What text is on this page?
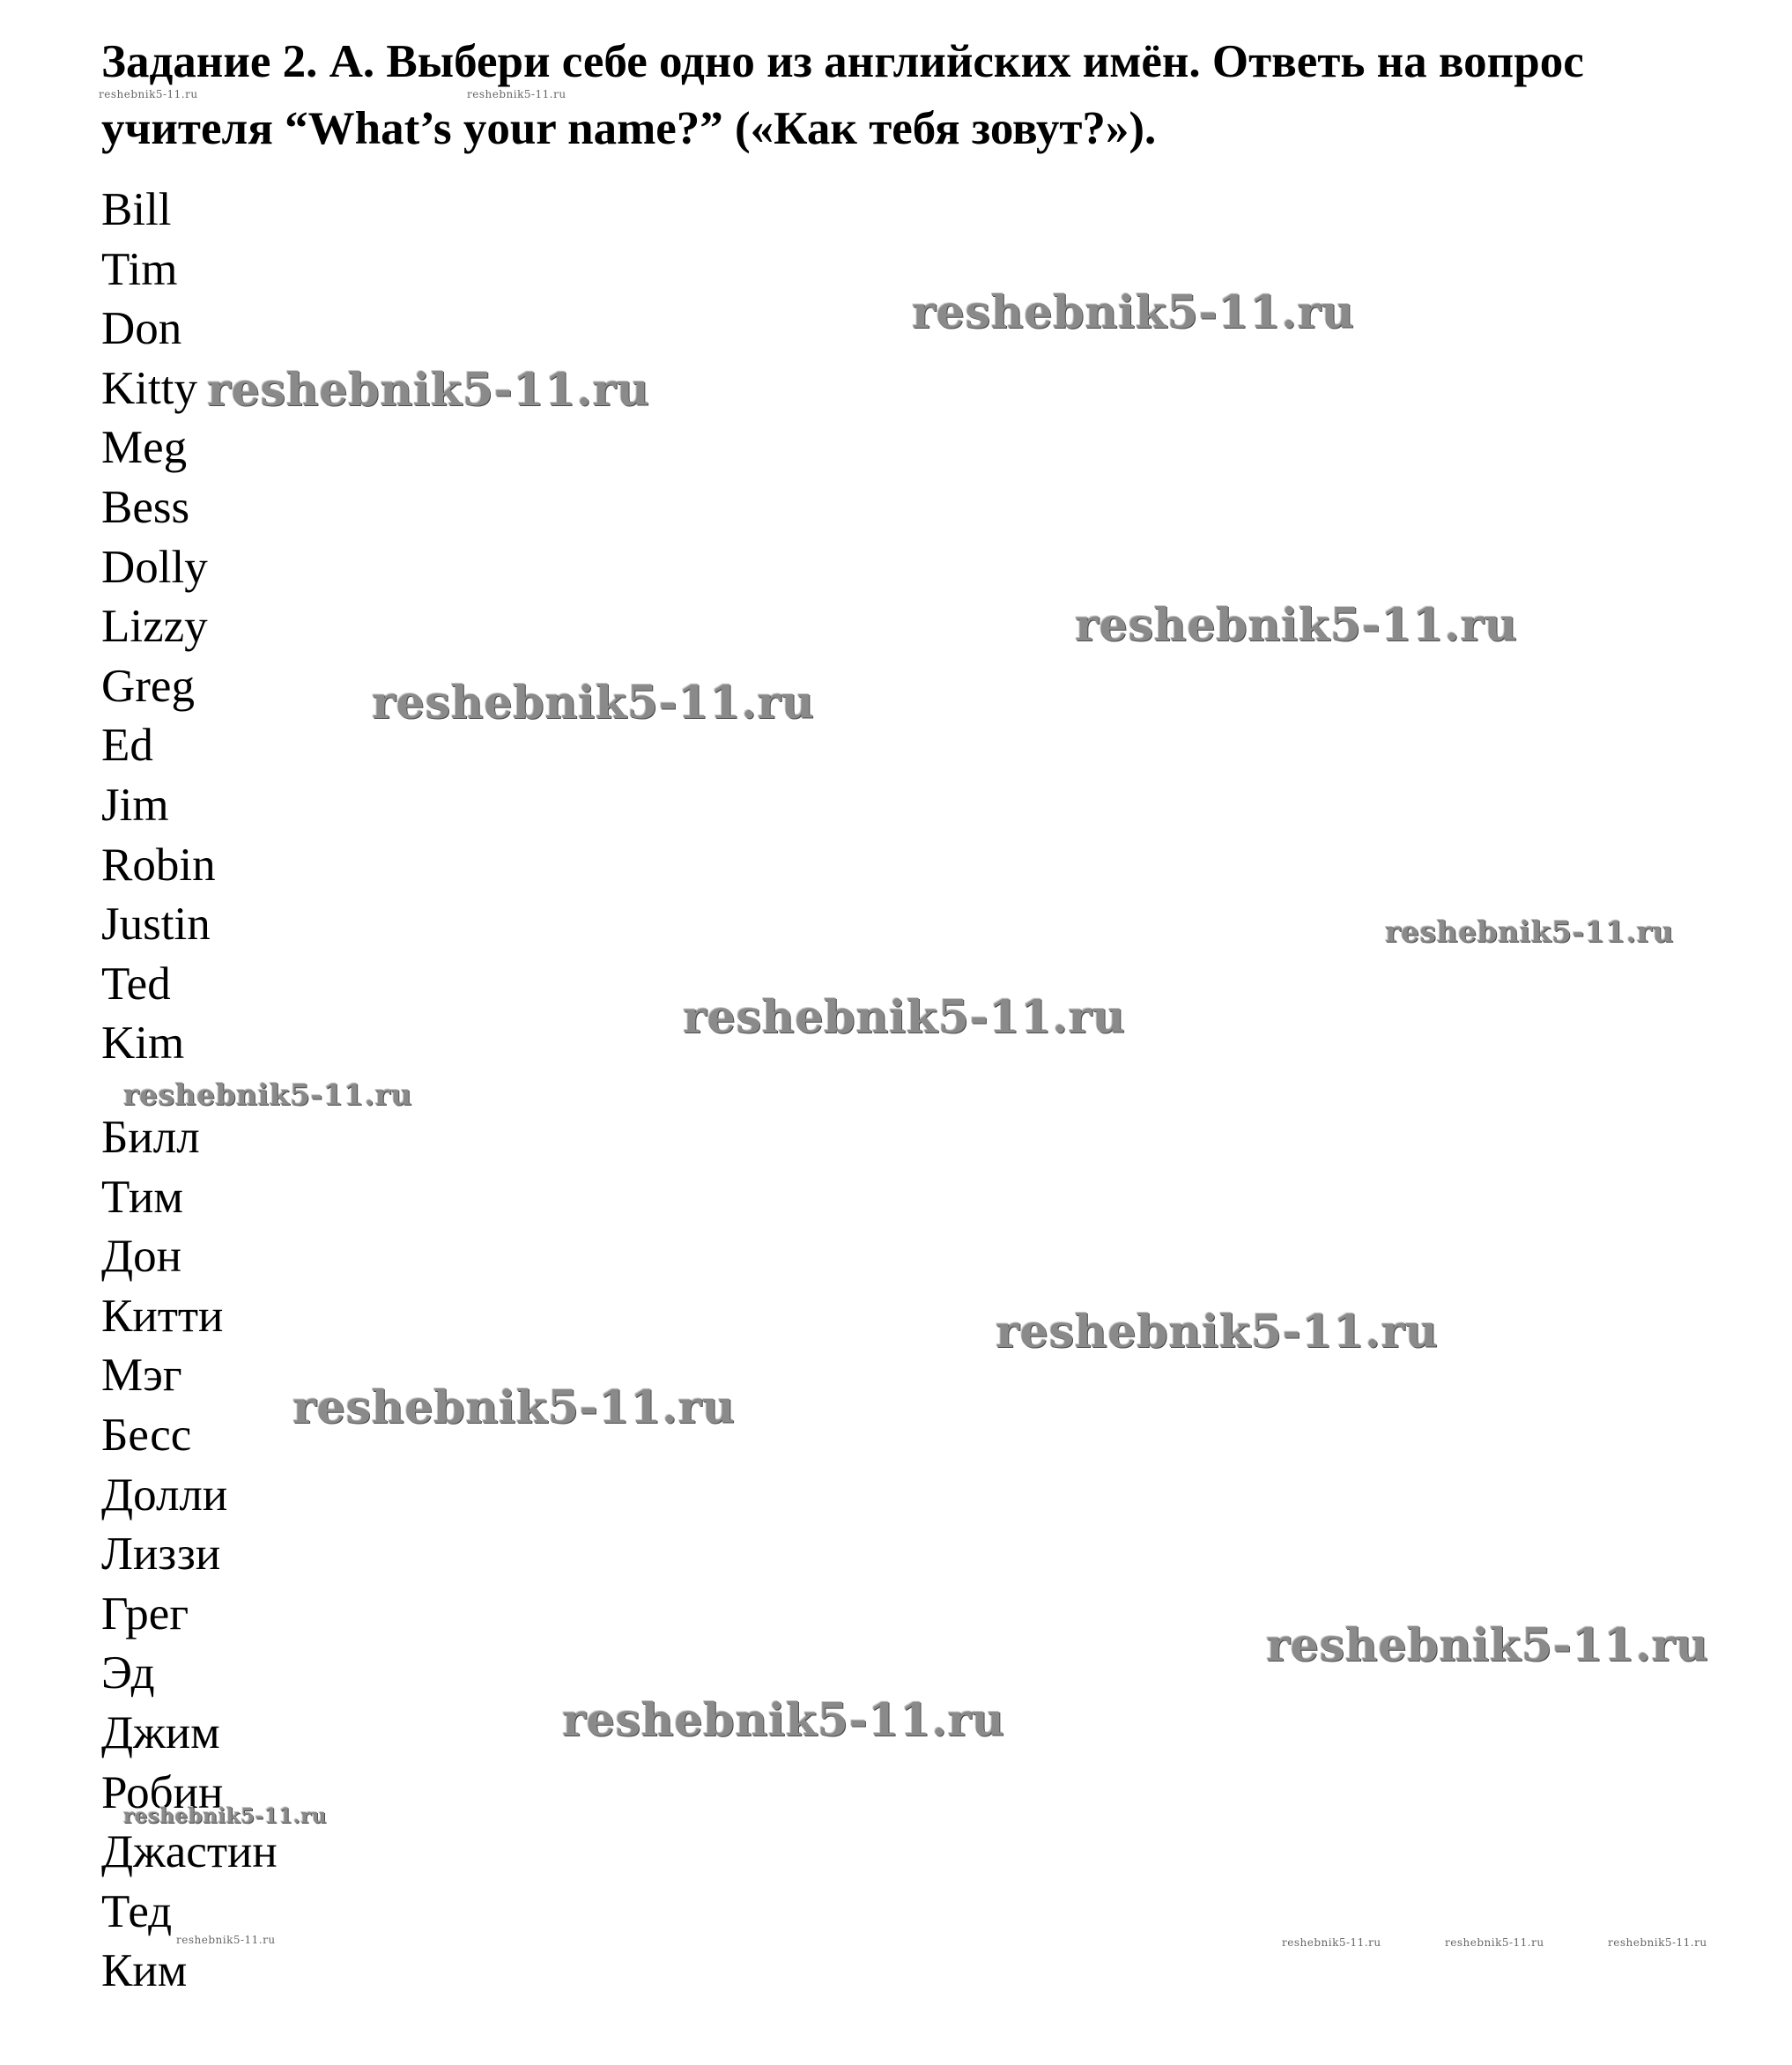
Задание 2. А. Выбери себе одно из английских имён. Ответь на вопрос
учителя “What’s your name?” («Как тебя зовут?»).
Bill
Tim
Don
Kitty
Meg
Bess
Dolly
Lizzy
Greg
Ed
Jim
Robin
Justin
Ted
Kim
Билл
Тим
Дон
Китти
Мэг
Бесс
Долли
Лиззи
Грег
Эд
Джим
Робин
Джастин
Тед
Ким
reshebnik5-11.ru	reshebnik5-11.ru
reshebnik5-11.ru
reshebnik5-11.ru
reshebnik5-11.ru
reshebnik5-11.ru
reshebnik5-11.ru
reshebnik5-11.ru
reshebnik5-11.ru
reshebnik5-11.ru
reshebnik5-11.ru
reshebnik5-11.ru
reshebnik5-11.ru
reshebnik5-11.ru
reshebnik5-11.ru	reshebnik5-11.ru	reshebnik5-11.ru	reshebnik5-11.ru
